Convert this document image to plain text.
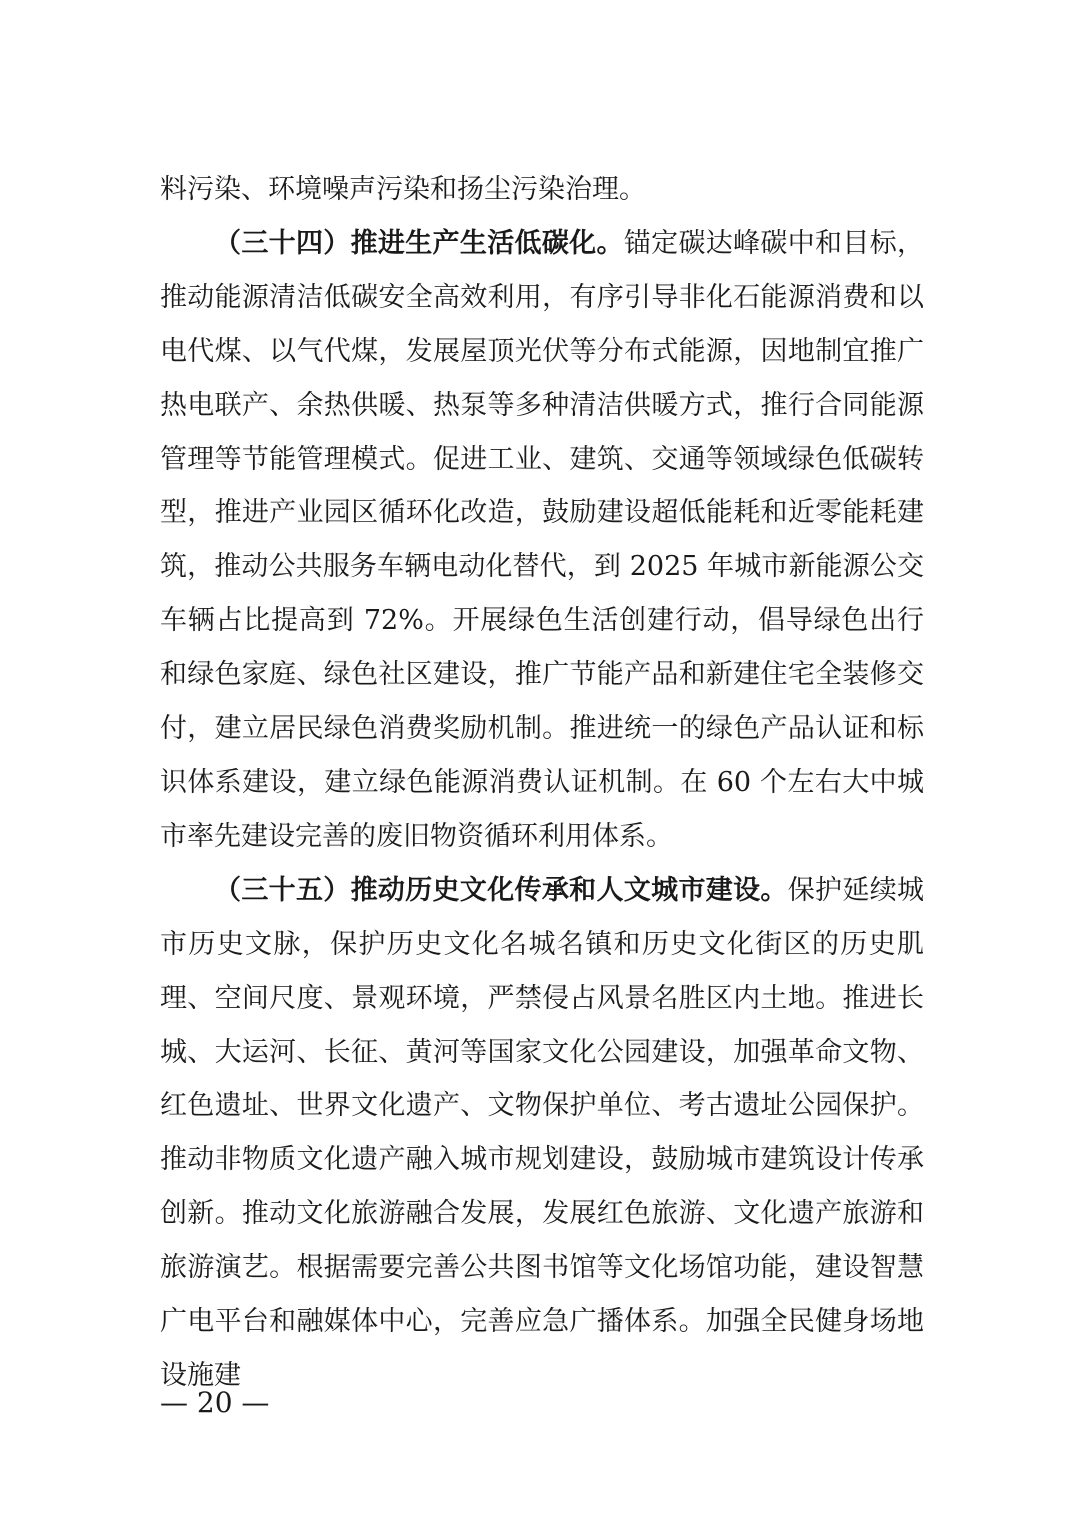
料污染、环境噪声污染和扬尘污染治理。

（三十四）推进生产生活低碳化。锚定碳达峰碳中和目标，推动能源清洁低碳安全高效利用，有序引导非化石能源消费和以电代煤、以气代煤，发展屋顶光伏等分布式能源，因地制宜推广热电联产、余热供暖、热泵等多种清洁供暖方式，推行合同能源管理等节能管理模式。促进工业、建筑、交通等领域绿色低碳转型，推进产业园区循环化改造，鼓励建设超低能耗和近零能耗建筑，推动公共服务车辆电动化替代，到 2025 年城市新能源公交车辆占比提高到 72%。开展绿色生活创建行动，倡导绿色出行和绿色家庭、绿色社区建设，推广节能产品和新建住宅全装修交付，建立居民绿色消费奖励机制。推进统一的绿色产品认证和标识体系建设，建立绿色能源消费认证机制。在 60 个左右大中城市率先建设完善的废旧物资循环利用体系。

（三十五）推动历史文化传承和人文城市建设。保护延续城市历史文脉，保护历史文化名城名镇和历史文化街区的历史肌理、空间尺度、景观环境，严禁侵占风景名胜区内土地。推进长城、大运河、长征、黄河等国家文化公园建设，加强革命文物、红色遗址、世界文化遗产、文物保护单位、考古遗址公园保护。推动非物质文化遗产融入城市规划建设，鼓励城市建筑设计传承创新。推动文化旅游融合发展，发展红色旅游、文化遗产旅游和旅游演艺。根据需要完善公共图书馆等文化场馆功能，建设智慧广电平台和融媒体中心，完善应急广播体系。加强全民健身场地设施建

— 20 —
